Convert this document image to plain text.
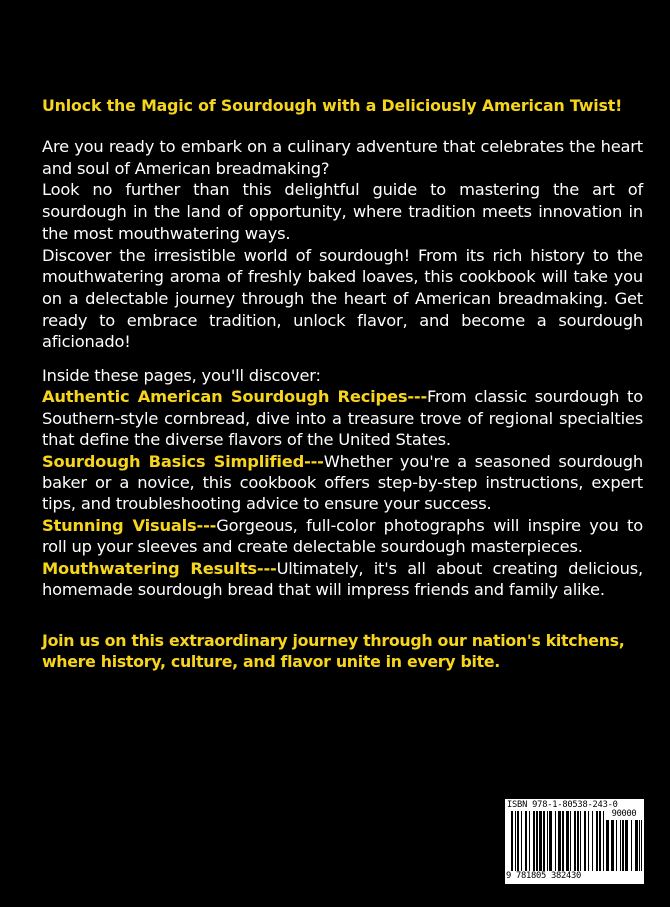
Unlock the Magic of Sourdough with a Deliciously American Twist!

Are you ready to embark on a culinary adventure that celebrates the heart and soul of American breadmaking?

Look no further than this delightful guide to mastering the art of sourdough in the land of opportunity, where tradition meets innovation in the most mouthwatering ways.

Discover the irresistible world of sourdough! From its rich history to the mouthwatering aroma of freshly baked loaves, this cookbook will take you on a delectable journey through the heart of American breadmaking. Get ready to embrace tradition, unlock flavor, and become a sourdough aficionado!

Inside these pages, you'll discover:

Authentic American Sourdough Recipes---From classic sourdough to Southern-style cornbread, dive into a treasure trove of regional specialties that define the diverse flavors of the United States.

Sourdough Basics Simplified---Whether you're a seasoned sourdough baker or a novice, this cookbook offers step-by-step instructions, expert tips, and troubleshooting advice to ensure your success.

Stunning Visuals---Gorgeous, full-color photographs will inspire you to roll up your sleeves and create delectable sourdough masterpieces.

Mouthwatering Results---Ultimately, it's all about creating delicious, homemade sourdough bread that will impress friends and family alike.

Join us on this extraordinary journey through our nation's kitchens, where history, culture, and flavor unite in every bite.

ISBN 978-1-80538-243-0
90000
9 781805 382430
